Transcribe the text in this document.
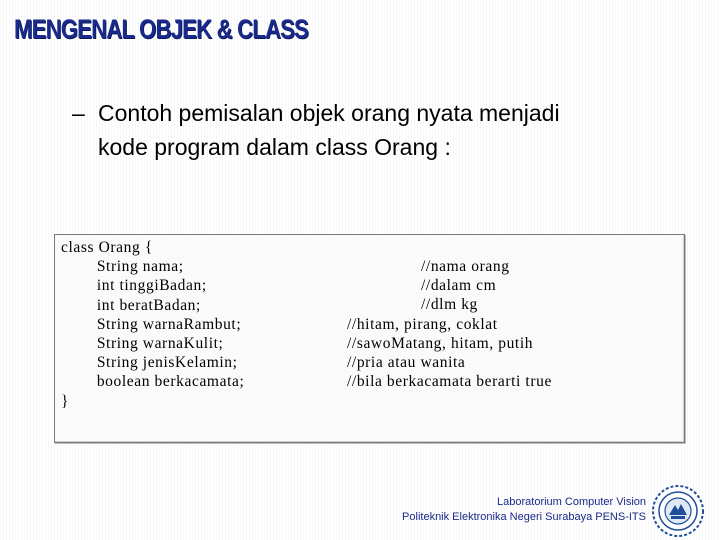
MENGENAL OBJEK & CLASS
– Contoh pemisalan objek orang nyata menjadi
kode program dalam class Orang :
class Orang {
String nama;
int tinggiBadan;
int beratBadan;
String warnaRambut;
String warnaKulit;
String jenisKelamin;
boolean berkacamata;
}
//nama orang
//dalam cm
//dlm kg
//hitam, pirang, coklat
//sawoMatang, hitam, putih
//pria atau wanita
//bila berkacamata berarti true
Laboratorium Computer Vision
Politeknik Elektronika Negeri Surabaya PENS-ITS
